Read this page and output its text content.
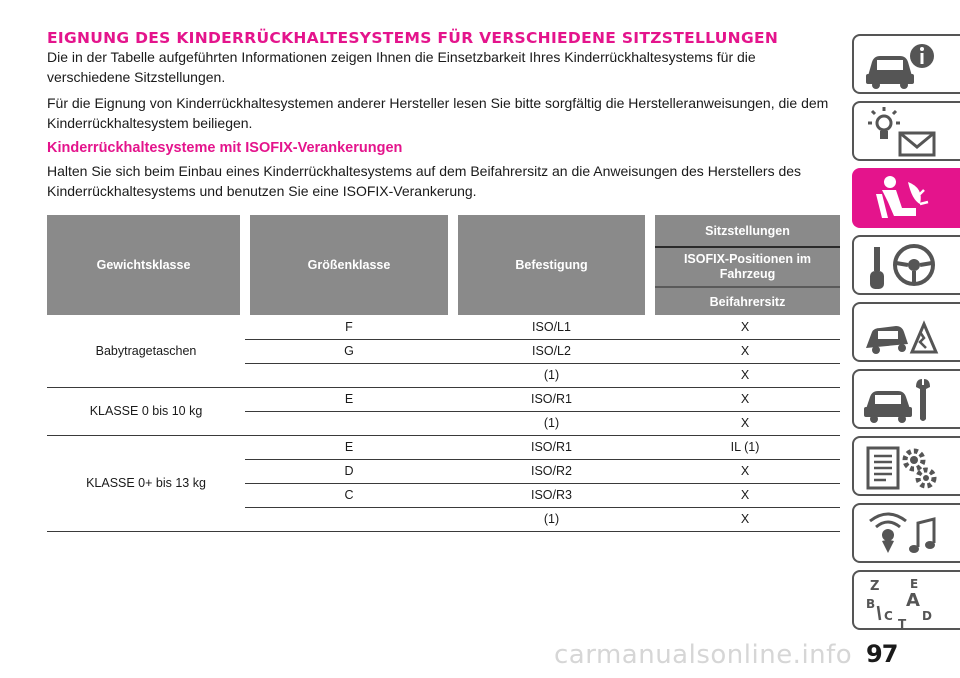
EIGNUNG DES KINDERRÜCKHALTESYSTEMS FÜR VERSCHIEDENE SITZSTELLUNGEN

Die in der Tabelle aufgeführten Informationen zeigen Ihnen die Einsetzbarkeit Ihres Kinderrückhaltesystems für die verschiedene Sitzstellungen.

Für die Eignung von Kinderrückhaltesystemen anderer Hersteller lesen Sie bitte sorgfältig die Herstelleranweisungen, die dem Kinderrückhaltesystem beiliegen.

Kinderrückhaltesysteme mit ISOFIX-Verankerungen

Halten Sie sich beim Einbau eines Kinderrückhaltesystems auf dem Beifahrersitz an die Anweisungen des Herstellers des Kinderrückhaltesystems und benutzen Sie eine ISOFIX-Verankerung.

Gewichtsklasse	Größenklasse	Befestigung	Sitzstellungen
			ISOFIX-Positionen im Fahrzeug
			Beifahrersitz
Babytragetaschen	F	ISO/L1	X
	G	ISO/L2	X
		(1)	X
KLASSE 0 bis 10 kg	E	ISO/R1	X
		(1)	X
KLASSE 0+ bis 13 kg	E	ISO/R1	IL (1)
	D	ISO/R2	X
	C	ISO/R3	X
		(1)	X
Z	E
B A
C D
T
carmanualsonline.info 97
